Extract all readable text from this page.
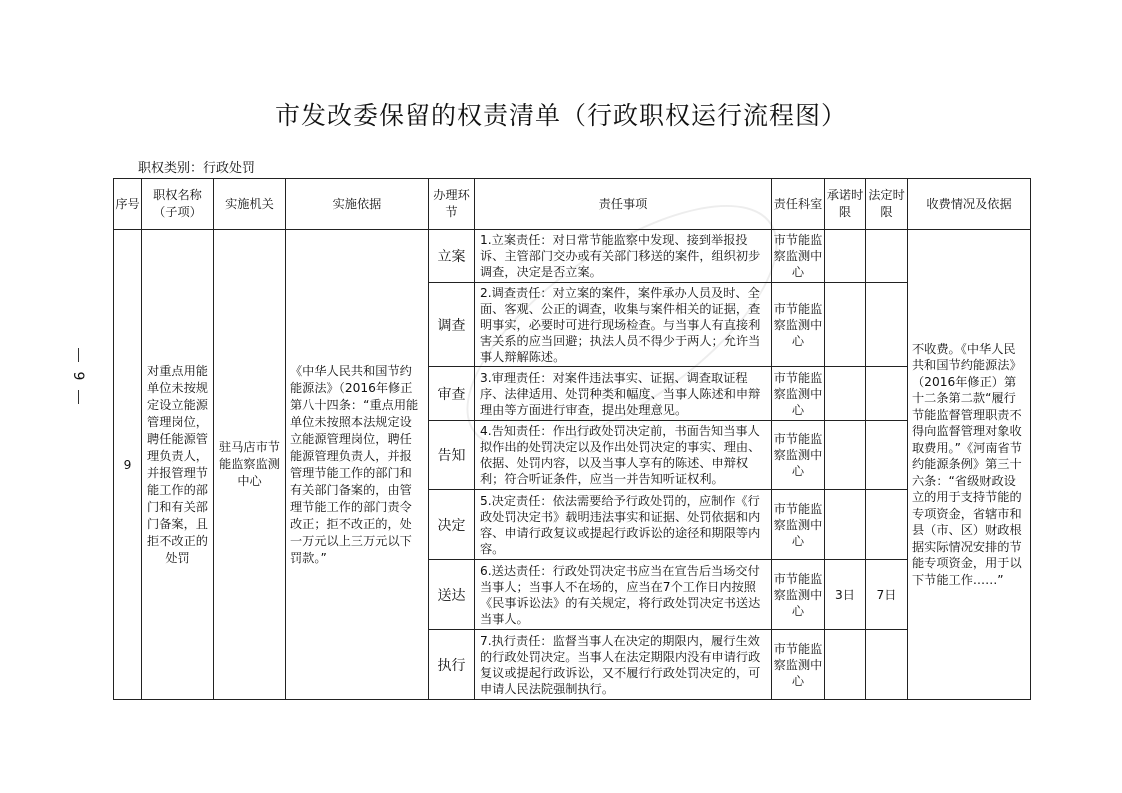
市发改委保留的权责清单（行政职权运行流程图）
职权类别：行政处罚
9
序号	职权名称（子项）	实施机关	实施依据	办理环节	责任事项	责任科室	承诺时限	法定时限	收费情况及依据
9	对重点用能单位未按规定设立能源管理岗位，聘任能源管理负责人，并报管理节能工作的部门和有关部门备案，且拒不改正的处罚	驻马店市节能监察监测中心	《中华人民共和国节约能源法》（2016年修正第八十四条：“重点用能单位未按照本法规定设立能源管理岗位，聘任能源管理负责人，并报管理节能工作的部门和有关部门备案的，由管理节能工作的部门责令改正；拒不改正的，处一万元以上三万元以下罚款。”	立案	1.立案责任：对日常节能监察中发现、接到举报投诉、主管部门交办或有关部门移送的案件，组织初步调查，决定是否立案。	市节能监察监测中心			不收费。《中华人民共和国节约能源法》（2016年修正）第十二条第二款“履行节能监督管理职责不得向监督管理对象收取费用。”《河南省节约能源条例》第三十六条：“省级财政设立的用于支持节能的专项资金，省辖市和县（市、区）财政根据实际情况安排的节能专项资金，用于以下节能工作……”
				调查	2.调查责任：对立案的案件，案件承办人员及时、全面、客观、公正的调查，收集与案件相关的证据，查明事实，必要时可进行现场检查。与当事人有直接利害关系的应当回避；执法人员不得少于两人；允许当事人辩解陈述。	市节能监察监测中心			
				审查	3.审理责任：对案件违法事实、证据、调查取证程序、法律适用、处罚种类和幅度、当事人陈述和申辩理由等方面进行审查，提出处理意见。	市节能监察监测中心			
				告知	4.告知责任：作出行政处罚决定前，书面告知当事人拟作出的处罚决定以及作出处罚决定的事实、理由、依据、处罚内容，以及当事人享有的陈述、申辩权利；符合听证条件，应当一并告知听证权利。	市节能监察监测中心			
				决定	5.决定责任：依法需要给予行政处罚的，应制作《行政处罚决定书》载明违法事实和证据、处罚依据和内容、申请行政复议或提起行政诉讼的途径和期限等内容。	市节能监察监测中心			
				送达	6.送达责任：行政处罚决定书应当在宣告后当场交付当事人；当事人不在场的，应当在7个工作日内按照《民事诉讼法》的有关规定，将行政处罚决定书送达当事人。	市节能监察监测中心	3日	7日	
				执行	7.执行责任：监督当事人在决定的期限内，履行生效的行政处罚决定。当事人在法定期限内没有申请行政复议或提起行政诉讼，又不履行行政处罚决定的，可申请人民法院强制执行。	市节能监察监测中心			
